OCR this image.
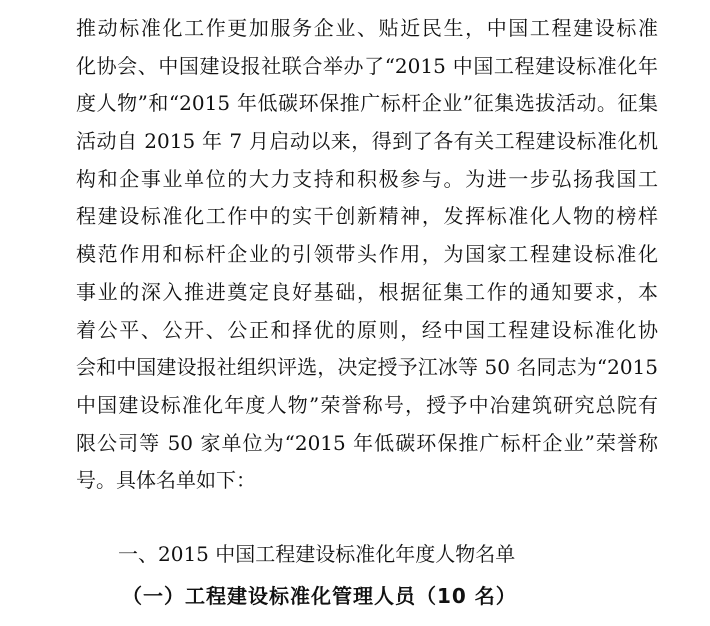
推动标准化工作更加服务企业、贴近民生，中国工程建设标准
化协会、中国建设报社联合举办了“2015 中国工程建设标准化年
度人物”和“2015 年低碳环保推广标杆企业”征集选拔活动。征集
活动自 2015 年 7 月启动以来，得到了各有关工程建设标准化机
构和企事业单位的大力支持和积极参与。为进一步弘扬我国工
程建设标准化工作中的实干创新精神，发挥标准化人物的榜样
模范作用和标杆企业的引领带头作用，为国家工程建设标准化
事业的深入推进奠定良好基础，根据征集工作的通知要求，本
着公平、公开、公正和择优的原则，经中国工程建设标准化协
会和中国建设报社组织评选，决定授予江冰等 50 名同志为“2015
中国建设标准化年度人物”荣誉称号，授予中冶建筑研究总院有
限公司等 50 家单位为“2015 年低碳环保推广标杆企业”荣誉称
号。具体名单如下：
一、2015 中国工程建设标准化年度人物名单
（一）工程建设标准化管理人员（10 名）
